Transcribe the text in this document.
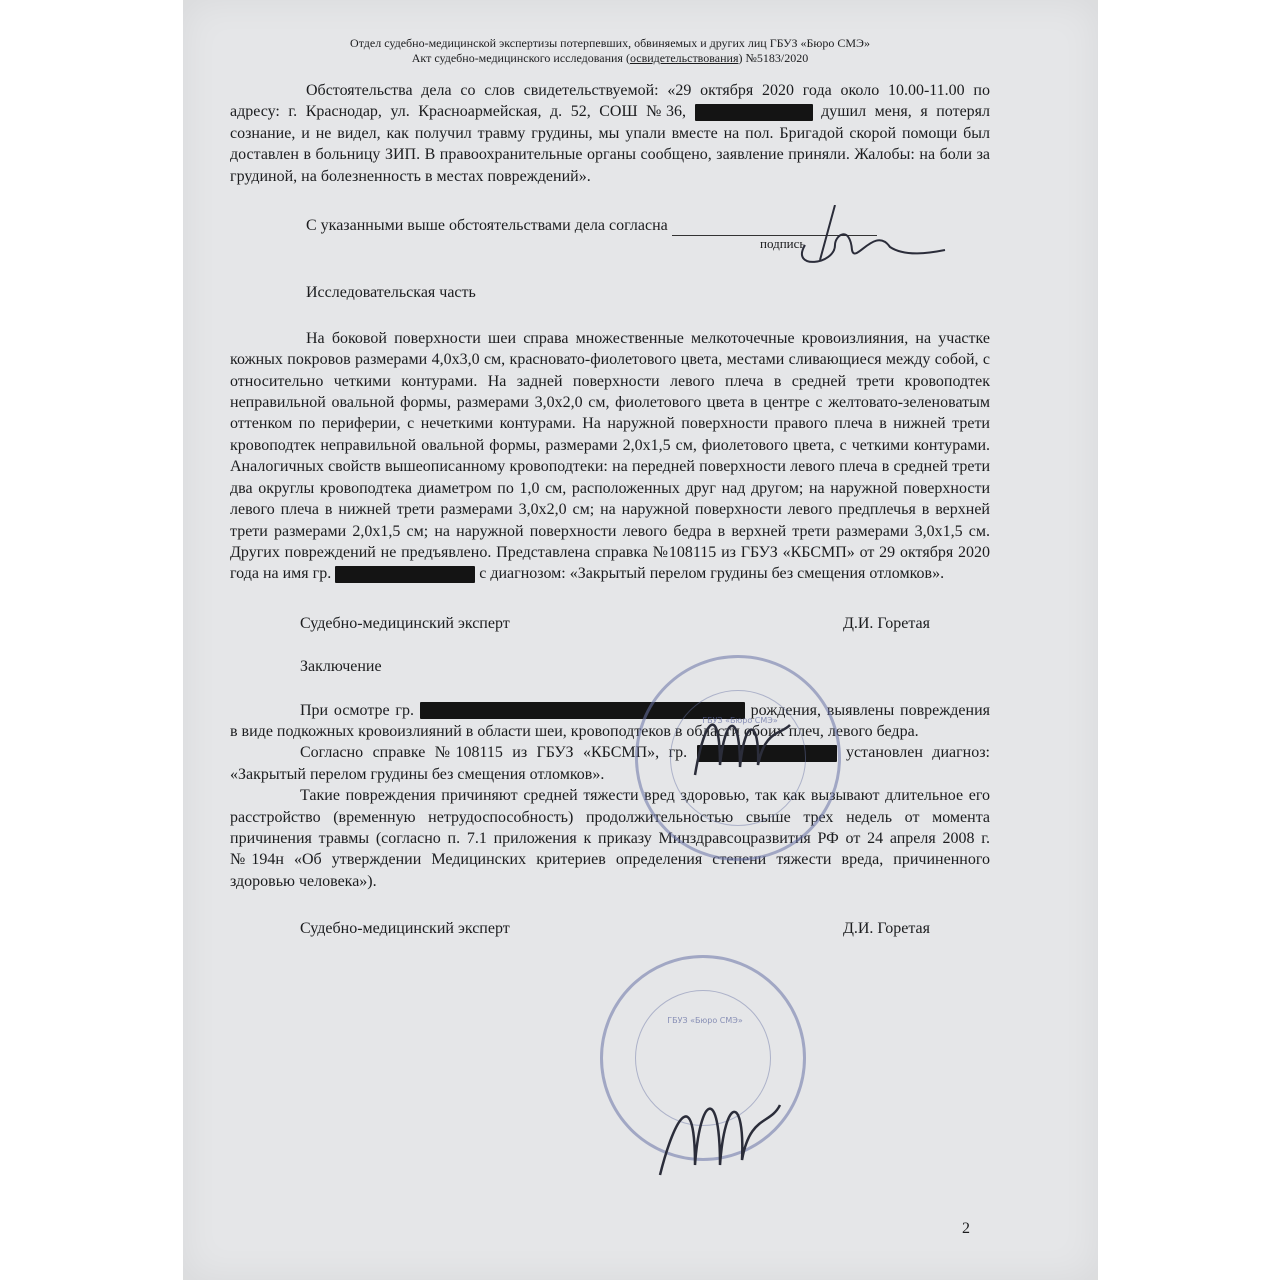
Отдел судебно-медицинской экспертизы потерпевших, обвиняемых и других лиц ГБУЗ «Бюро СМЭ»
Акт судебно-медицинского исследования (освидетельствования) №5183/2020

Обстоятельства дела со слов свидетельствуемой: «29 октября 2020 года около 10.00-11.00 по адресу: г. Краснодар, ул. Красноармейская, д. 52, СОШ №36,	душил меня, я потерял сознание, и не видел, как получил травму грудины, мы упали вместе на пол. Бригадой скорой помощи был доставлен в больницу ЗИП. В правоохранительные органы сообщено, заявление приняли. Жалобы: на боли за грудиной, на болезненность в местах повреждений».

С указанными выше обстоятельствами дела согласна
подпись
Исследовательская часть

На боковой поверхности шеи справа множественные мелкоточечные кровоизлияния, на участке кожных покровов размерами 4,0х3,0 см, красновато-фиолетового цвета, местами сливающиеся между собой, с относительно четкими контурами. На задней поверхности левого плеча в средней трети кровоподтек неправильной овальной формы, размерами 3,0х2,0 см, фиолетового цвета в центре с желтовато-зеленоватым оттенком по периферии, с нечеткими контурами. На наружной поверхности правого плеча в нижней трети кровоподтек неправильной овальной формы, размерами 2,0х1,5 см, фиолетового цвета, с четкими контурами. Аналогичных свойств вышеописанному кровоподтеки: на передней поверхности левого плеча в средней трети два округлы кровоподтека диаметром по 1,0 см, расположенных друг над другом; на наружной поверхности левого плеча в нижней трети размерами 3,0х2,0 см; на наружной поверхности левого предплечья в верхней трети размерами 2,0х1,5 см; на наружной поверхности левого бедра в верхней трети размерами 3,0х1,5 см. Других повреждений не предъявлено. Представлена справка №108115 из ГБУЗ «КБСМП» от 29 октября 2020 года на имя гр.	с диагнозом: «Закрытый перелом грудины без смещения отломков».

Судебно-медицинский эксперт	Д.И. Горетая
Заключение

При осмотре гр.	рождения, выявлены повреждения в виде подкожных кровоизлияний в области шеи, кровоподтеков в области обоих плеч, левого бедра.

Согласно справке №108115 из ГБУЗ «КБСМП», гр.	установлен диагноз: «Закрытый перелом грудины без смещения отломков».

Такие повреждения причиняют средней тяжести вред здоровью, так как вызывают длительное его расстройство (временную нетрудоспособность) продолжительностью свыше трех недель от момента причинения травмы (согласно п. 7.1 приложения к приказу Минздравсоцразвития РФ от 24 апреля 2008 г. №194н «Об утверждении Медицинских критериев определения степени тяжести вреда, причиненного здоровью человека»).

Судебно-медицинский эксперт	Д.И. Горетая
ГБУЗ «Бюро СМЭ»
ГБУЗ «Бюро СМЭ»
2
